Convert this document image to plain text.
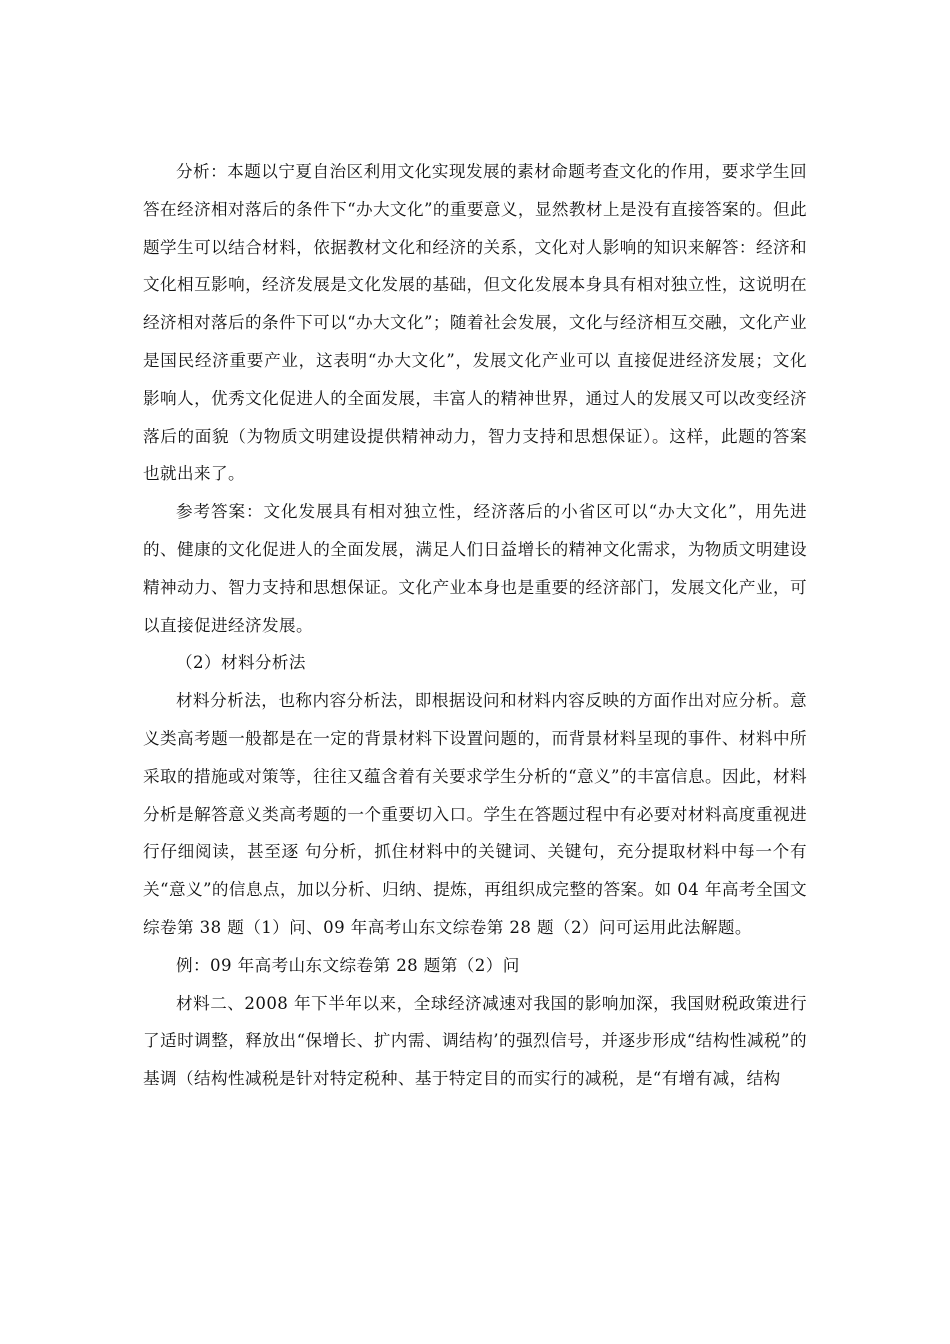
分析：本题以宁夏自治区利用文化实现发展的素材命题考查文化的作用，要求学生回答在经济相对落后的条件下“办大文化”的重要意义，显然教材上是没有直接答案的。但此题学生可以结合材料，依据教材文化和经济的关系，文化对人影响的知识来解答：经济和文化相互影响，经济发展是文化发展的基础，但文化发展本身具有相对独立性，这说明在经济相对落后的条件下可以“办大文化”；随着社会发展，文化与经济相互交融，文化产业是国民经济重要产业，这表明“办大文化”，发展文化产业可以 直接促进经济发展；文化影响人，优秀文化促进人的全面发展，丰富人的精神世界，通过人的发展又可以改变经济落后的面貌（为物质文明建设提供精神动力，智力支持和思想保证）。这样，此题的答案也就出来了。

参考答案：文化发展具有相对独立性，经济落后的小省区可以“办大文化”，用先进的、健康的文化促进人的全面发展，满足人们日益增长的精神文化需求，为物质文明建设精神动力、智力支持和思想保证。文化产业本身也是重要的经济部门，发展文化产业，可以直接促进经济发展。

（2）材料分析法

材料分析法，也称内容分析法，即根据设问和材料内容反映的方面作出对应分析。意义类高考题一般都是在一定的背景材料下设置问题的，而背景材料呈现的事件、材料中所采取的措施或对策等，往往又蕴含着有关要求学生分析的“意义”的丰富信息。因此，材料分析是解答意义类高考题的一个重要切入口。学生在答题过程中有必要对材料高度重视进行仔细阅读，甚至逐 句分析，抓住材料中的关键词、关键句，充分提取材料中每一个有关“意义”的信息点，加以分析、归纳、提炼，再组织成完整的答案。如 04 年高考全国文综卷第 38 题（1）问、09 年高考山东文综卷第 28 题（2）问可运用此法解题。

例：09 年高考山东文综卷第 28 题第（2）问

材料二、2008 年下半年以来，全球经济减速对我国的影响加深，我国财税政策进行了适时调整，释放出“保增长、扩内需、调结构’的强烈信号，并逐步形成“结构性减税”的基调（结构性减税是针对特定税种、基于特定目的而实行的减税，是“有增有减，结构
